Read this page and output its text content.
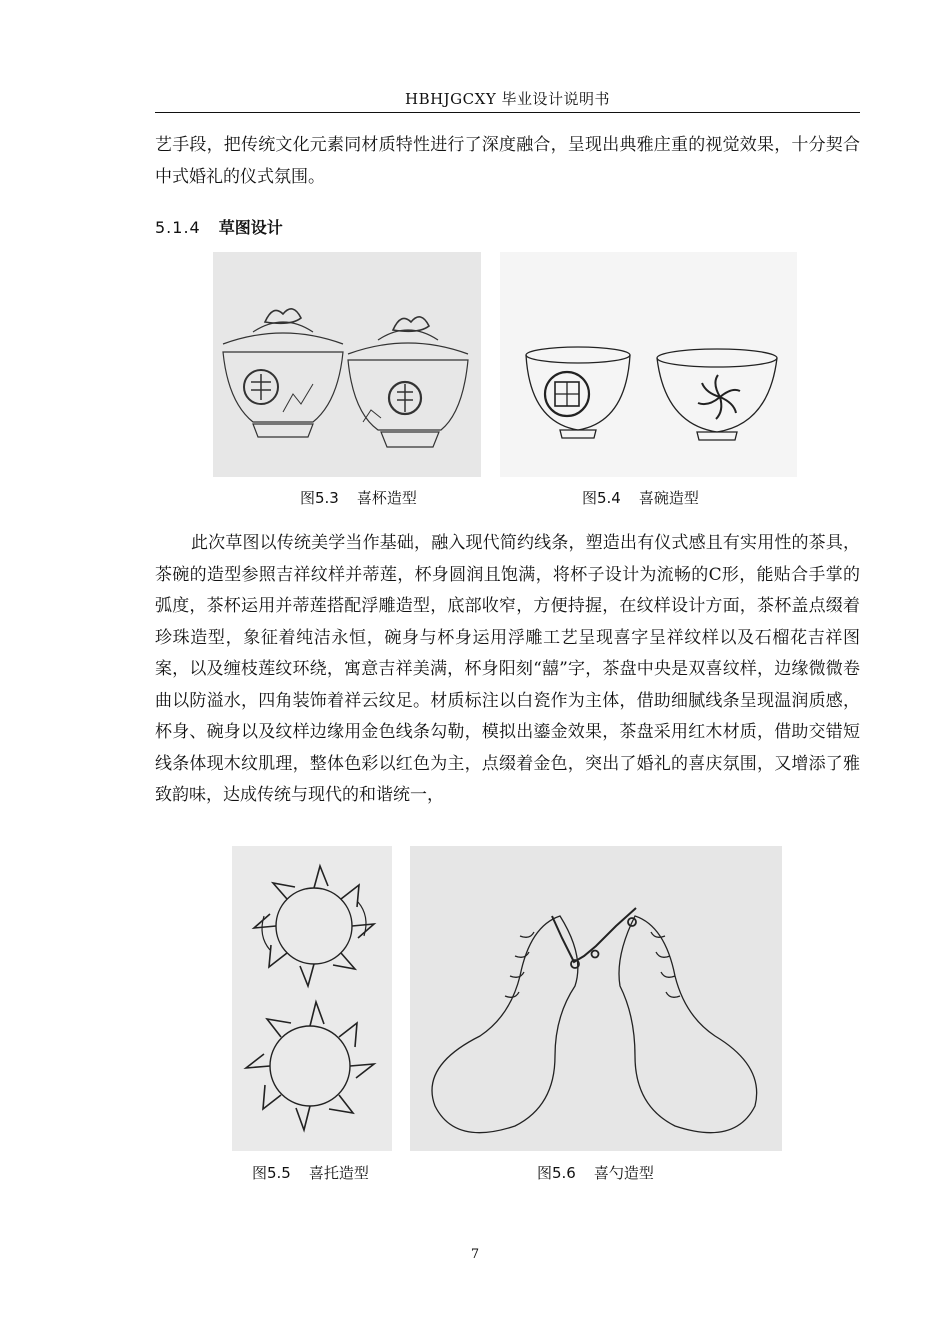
HBHJGCXY 毕业设计说明书

艺手段，把传统文化元素同材质特性进行了深度融合，呈现出典雅庄重的视觉效果，十分契合中式婚礼的仪式氛围。

5.1.4 草图设计
图5.3 喜杯造型	图5.4 喜碗造型

此次草图以传统美学当作基础，融入现代简约线条，塑造出有仪式感且有实用性的茶具，茶碗的造型参照吉祥纹样并蒂莲，杯身圆润且饱满，将杯子设计为流畅的C形，能贴合手掌的弧度，茶杯运用并蒂莲搭配浮雕造型，底部收窄，方便持握，在纹样设计方面，茶杯盖点缀着珍珠造型，象征着纯洁永恒，碗身与杯身运用浮雕工艺呈现喜字呈祥纹样以及石榴花吉祥图案，以及缠枝莲纹环绕，寓意吉祥美满，杯身阳刻“囍”字，茶盘中央是双喜纹样，边缘微微卷曲以防溢水，四角装饰着祥云纹足。材质标注以白瓷作为主体，借助细腻线条呈现温润质感，杯身、碗身以及纹样边缘用金色线条勾勒，模拟出鎏金效果，茶盘采用红木材质，借助交错短线条体现木纹肌理，整体色彩以红色为主，点缀着金色，突出了婚礼的喜庆氛围，又增添了雅致韵味，达成传统与现代的和谐统一，

图5.5 喜托造型	图5.6 喜勺造型
7
